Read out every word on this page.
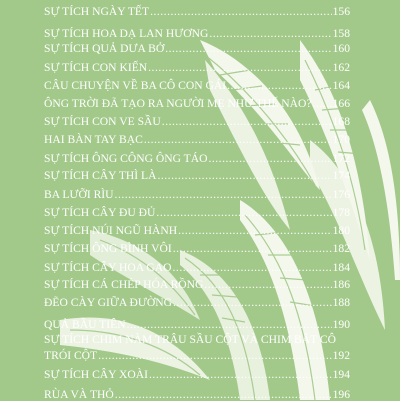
SỰ TÍCH NGÀY TẾT .....	156
SỰ TÍCH HOA DẠ LAN HƯƠNG .....	158
SỰ TÍCH QUẢ DƯA BỞ .....	160
SỰ TÍCH CON KIẾN .....	162
CÂU CHUYỆN VỀ BA CÔ CON GÁI .....	164
ÔNG TRỜI ĐÃ TẠO RA NGƯỜI MẸ NHƯ THẾ NÀO? ..... 166
SỰ TÍCH CON VE SẦU .....	168
HAI BÀN TAY BẠC .....	170
SỰ TÍCH ÔNG CÔNG ÔNG TÁO .....	172
SỰ TÍCH CÂY THÌ LÀ .....	174
BA LƯỠI RÌU .....	176
SỰ TÍCH CÂY ĐU ĐỦ .....	178
SỰ TÍCH NÚI NGŨ HÀNH .....	180
SỰ TÍCH ÔNG BÌNH VÔI .....	182
SỰ TÍCH CÂY HOA GẠO .....	184
SỰ TÍCH CÁ CHÉP HÓA RỒNG .....	186
ĐẼO CÀY GIỮA ĐƯỜNG .....	188
QUẢ BẦU TIÊN .....	190
SỰ TÍCH CHIM NÀM TRÂU SẦU CỘT VÀ CHIM BẮT CÔ
TRÓI CỘT .....	192
SỰ TÍCH CÂY XOÀI .....	194
RÙA VÀ THỎ .....	196
